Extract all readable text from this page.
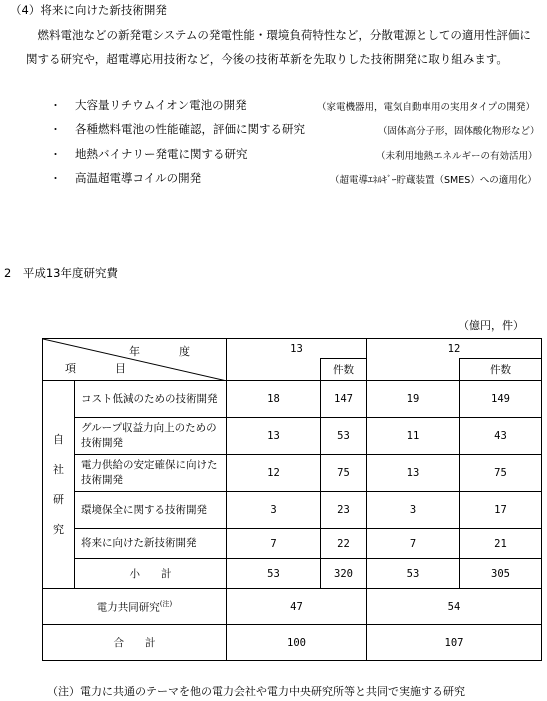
（4）将来に向けた新技術開発
燃料電池などの新発電システムの発電性能・環境負荷特性など，分散電源としての適用性評価に関する研究や，超電導応用技術など，今後の技術革新を先取りした技術開発に取り組みます。
・ 大容量リチウムイオン電池の開発	（家電機器用，電気自動車用の実用タイプの開発）
・ 各種燃料電池の性能確認，評価に関する研究	（固体高分子形，固体酸化物形など）
・ 地熱バイナリー発電に関する研究	（未利用地熱エネルギーの有効活用）
・ 高温超電導コイルの開発	（超電導ｴﾈﾙｷﾞｰ貯蔵装置（SMES）への適用化）
2　平成13年度研究費
（億円，件）
年　度
項　目		13		12	
			件数		件数

自
社
研
究	コスト低減のための技術開発	18	147	19	149
	グループ収益力向上のための技術開発	13	53	11	43
	電力供給の安定確保に向けた技術開発	12	75	13	75
	環境保全に関する技術開発	3	23	3	17
	将来に向けた新技術開発	7	22	7	21
	小　　計	53	320	53	305
電力共同研究$^{(注)}$		47		54	
合　　計		100		107	
（注）電力に共通のテーマを他の電力会社や電力中央研究所等と共同で実施する研究
